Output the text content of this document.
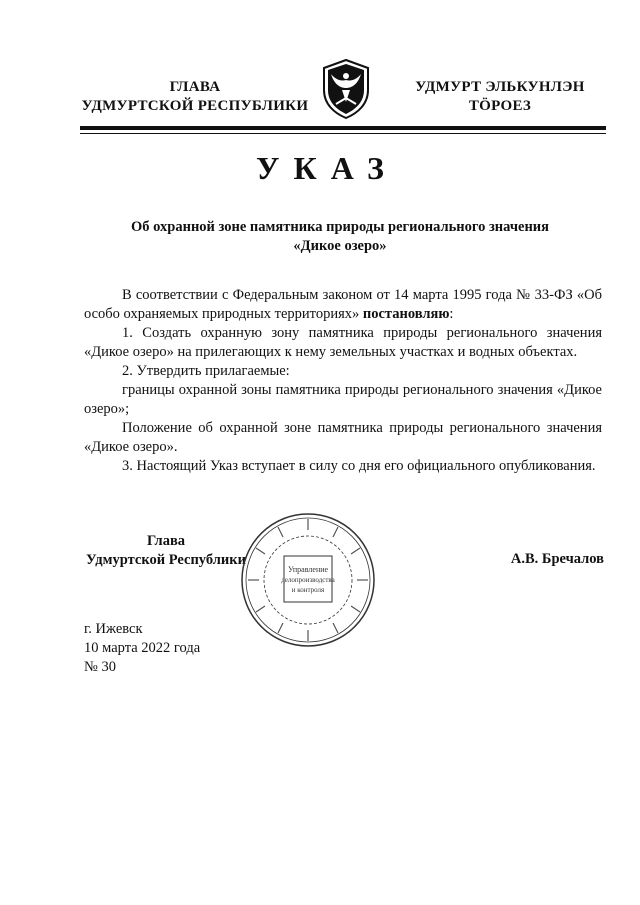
ГЛАВА
УДМУРТСКОЙ РЕСПУБЛИКИ
УДМУРТ ЭЛЬКУНЛЭН
ТӦРОЕЗ
УКАЗ
Об охранной зоне памятника природы регионального значения
«Дикое озеро»

В соответствии с Федеральным законом от 14 марта 1995 года № 33-ФЗ «Об особо охраняемых природных территориях» постановляю:

1. Создать охранную зону памятника природы регионального значения «Дикое озеро» на прилегающих к нему земельных участках и водных объектах.

2. Утвердить прилагаемые:

границы охранной зоны памятника природы регионального значения «Дикое озеро»;

Положение об охранной зоне памятника природы регионального значения «Дикое озеро».

3. Настоящий Указ вступает в силу со дня его официального опубликования.

Глава
Удмуртской Республики
Управление
делопроизводства
и контроля
А.В. Бречалов
г. Ижевск
10 марта 2022 года
№ 30
